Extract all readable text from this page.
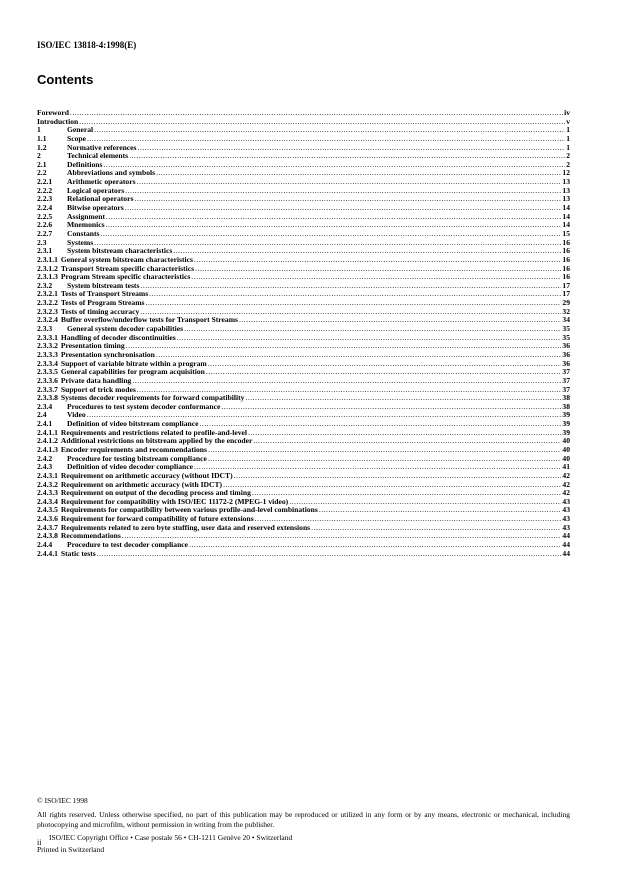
ISO/IEC 13818-4:1998(E)
Contents
Foreword .....	iv
Introduction .....	v
1	General .....	1
1.1	Scope .....	1
1.2	Normative references .....	1
2	Technical elements .....	2
2.1	Definitions .....	2
2.2	Abbreviations and symbols .....	12
2.2.1	Arithmetic operators .....	13
2.2.2	Logical operators .....	13
2.2.3	Relational operators .....	13
2.2.4	Bitwise operators .....	14
2.2.5	Assignment .....	14
2.2.6	Mnemonics .....	14
2.2.7	Constants .....	15
2.3	Systems .....	16
2.3.1	System bitstream characteristics .....	16
2.3.1.1 General system bitstream characteristics .....	16
2.3.1.2 Transport Stream specific characteristics .....	16
2.3.1.3 Program Stream specific characteristics .....	16
2.3.2	System bitstream tests .....	17
2.3.2.1 Tests of Transport Streams .....	17
2.3.2.2 Tests of Program Streams .....	29
2.3.2.3 Tests of timing accuracy .....	32
2.3.2.4 Buffer overflow/underflow tests for Transport Streams .....	34
2.3.3	General system decoder capabilities .....	35
2.3.3.1 Handling of decoder discontinuities .....	35
2.3.3.2 Presentation timing .....	36
2.3.3.3 Presentation synchronisation .....	36
2.3.3.4 Support of variable bitrate within a program .....	36
2.3.3.5 General capabilities for program acquisition .....	37
2.3.3.6 Private data handling .....	37
2.3.3.7 Support of trick modes .....	37
2.3.3.8 Systems decoder requirements for forward compatibility .....	38
2.3.4	Procedures to test system decoder conformance .....	38
2.4	Video .....	39
2.4.1	Definition of video bitstream compliance .....	39
2.4.1.1 Requirements and restrictions related to profile-and-level .....	39
2.4.1.2 Additional restrictions on bitstream applied by the encoder .....	40
2.4.1.3 Encoder requirements and recommendations .....	40
2.4.2	Procedure for testing bitstream compliance .....	40
2.4.3	Definition of video decoder compliance .....	41
2.4.3.1 Requirement on arithmetic accuracy (without IDCT) .....	42
2.4.3.2 Requirement on arithmetic accuracy (with IDCT) .....	42
2.4.3.3 Requirement on output of the decoding process and timing .....	42
2.4.3.4 Requirement for compatibility with ISO/IEC 11172-2 (MPEG-1 video) .....	43
2.4.3.5 Requirements for compatibility between various profile-and-level combinations .....	43
2.4.3.6 Requirement for forward compatibility of future extensions .....	43
2.4.3.7 Requirements related to zero byte stuffing, user data and reserved extensions .....	43
2.4.3.8 Recommendations .....	44
2.4.4	Procedure to test decoder compliance .....	44
2.4.4.1 Static tests .....	44
© ISO/IEC 1998
All rights reserved. Unless otherwise specified, no part of this publication may be reproduced or utilized in any form or by any means, electronic or mechanical, including photocopying and microfilm, without permission in writing from the publisher.
ISO/IEC Copyright Office • Case postale 56 • CH-1211 Genève 20 • Switzerland
Printed in Switzerland
ii
